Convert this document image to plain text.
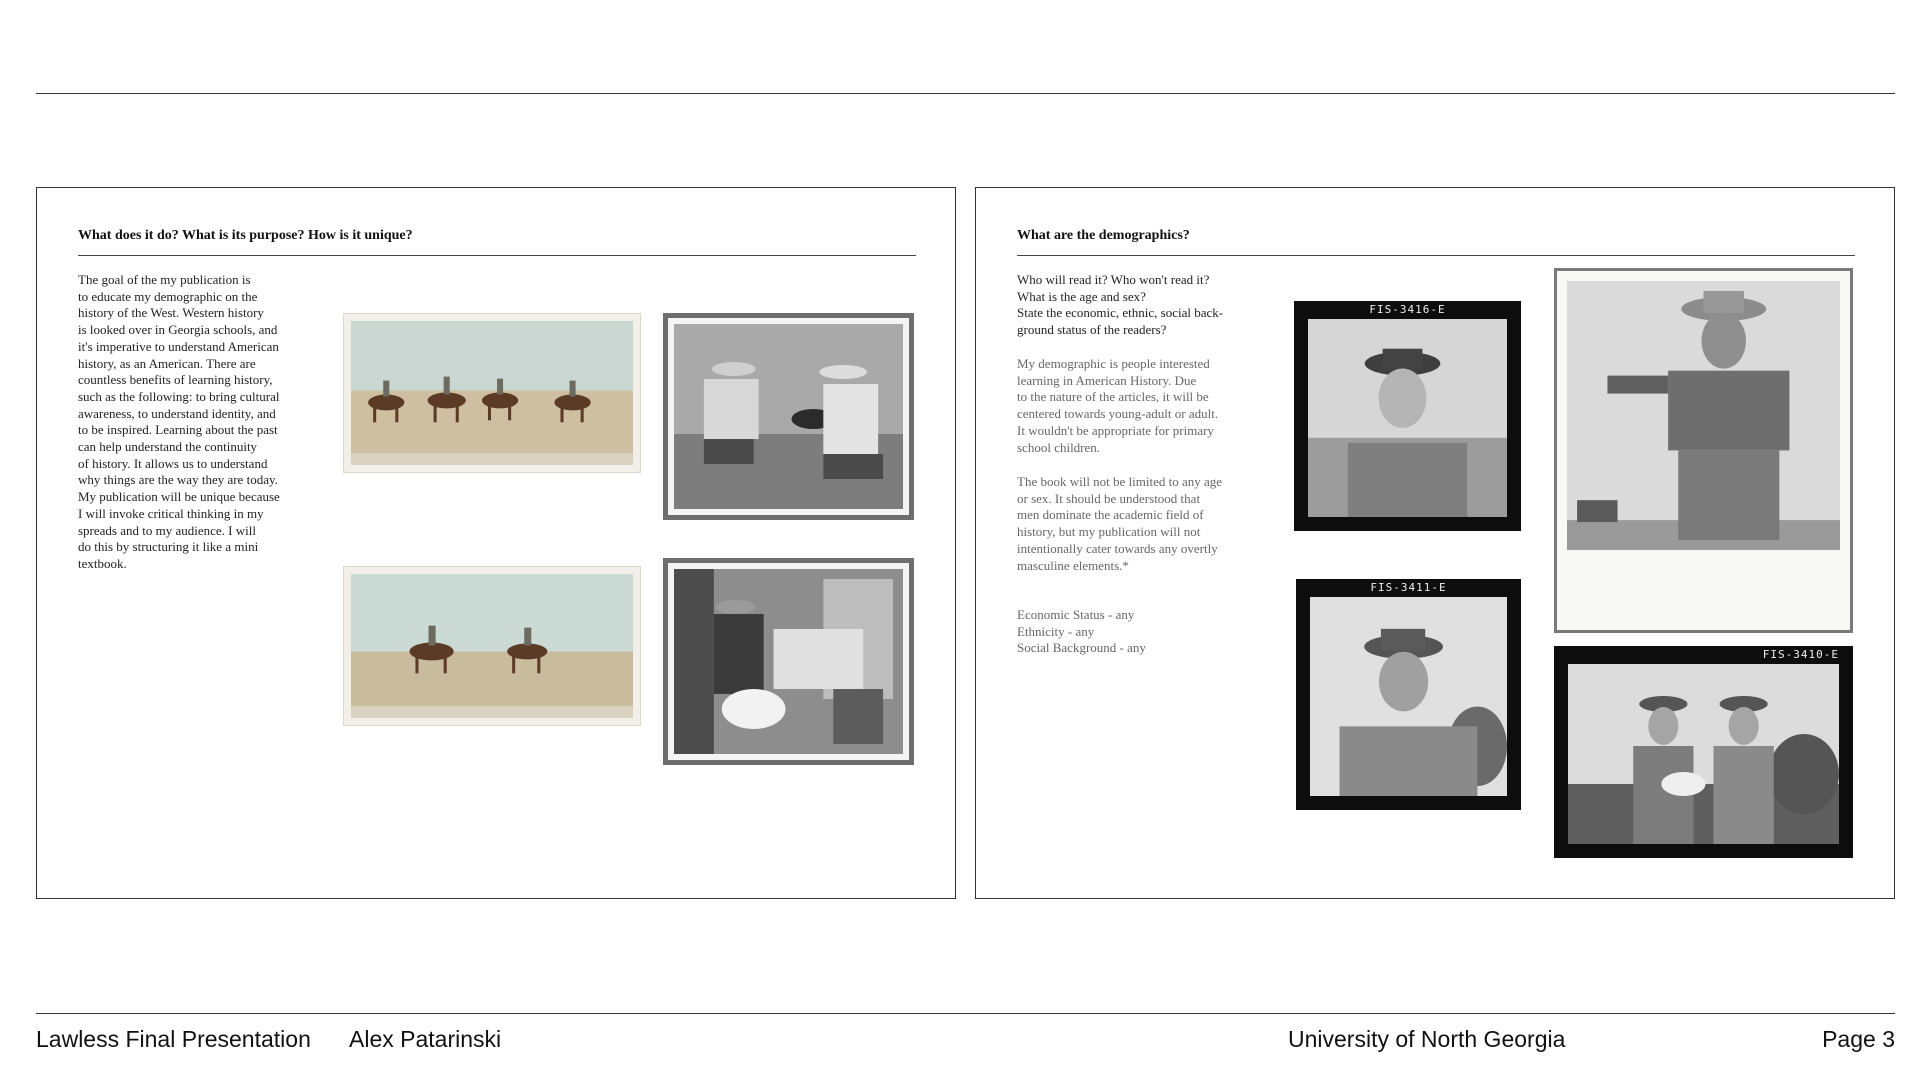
What does it do? What is its purpose? How is it unique?
The goal of the my publication is
to educate my demographic on the
history of the West. Western history
is looked over in Georgia schools, and
it's imperative to understand American
history, as an American. There are
countless benefits of learning history,
such as the following: to bring cultural
awareness, to understand identity, and
to be inspired. Learning about the past
can help understand the continuity
of history. It allows us to understand
why things are the way they are today.
My publication will be unique because
I will invoke critical thinking in my
spreads and to my audience. I will
do this by structuring it like a mini
textbook.
What are the demographics?
Who will read it? Who won't read it?
What is the age and sex?
State the economic, ethnic, social back-
ground status of the readers?
My demographic is people interested
learning in American History. Due
to the nature of the articles, it will be
centered towards young-adult or adult.
It wouldn't be appropriate for primary
school children.
The book will not be limited to any age
or sex. It should be understood that
men dominate the academic field of
history, but my publication will not
intentionally cater towards any overtly
masculine elements.*
Economic Status - any
Ethnicity - any
Social Background - any
FIS-3416-E
FIS-3411-E
FIS-3410-E
Lawless Final Presentation Alex Patarinski	University of North Georgia	Page 3
